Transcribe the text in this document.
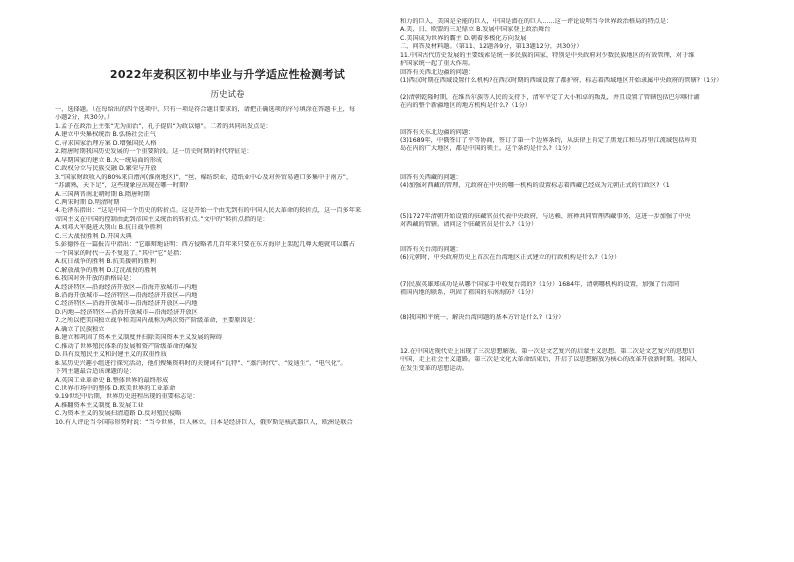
2022年麦积区初中毕业与升学适应性检测考试
历史试卷
一、选择题。（在每给出的四个选项中，只有一项是符合题目要求的，请把正确选项的序号填涂在答题卡上，每
小题2分，共30分。）
1.孟子在政治上主张“无为而治”，孔子提倡“为政以德”。二者的共同出发点是：
A.建立中央集权统治 B.弘扬社会正气
C.寻求国家治理方案 D.增强国民人格
2.隋唐时期我国历史发展的一个重要阶段。这一历史时期的时代特征是：
A.早期国家的建立 B.大一统局面的形成
C.政权分立与民族交融 D.繁荣与开放
3.“国家财政收入的80%来自漕河(淮南地区)”，“丝、棉纺织业、造纸业中心及对外贸易港口多集中于南方”，
“苏湖熟，天下足”，这些现象应出现在哪一时期?
A.三国两晋南北朝时期 B.隋唐时期
C.两宋时期 D.明清时期
4.毛泽东指出：“这是中国一个历史的转折点。这是开始一个由无到有的中国人民大革命的转折点，这一百多年来
帝国主义在中国的控制由此到帝国主义统治的转折点。”文中的“转折点指的是：
A.刘邓大军挺进大别山 B.抗日战争胜利
C.三大战役胜利 D.开国大典
5.彭德怀在一篇报告中指出：“它雄辩地证明：西方侵略者几百年来只要在东方海岸上架起几尊大炮就可以霸占
一个国家的时代一去不复返了。”其中“它”是指：
A.抗日战争的胜利 B.抗美援朝的胜利
C.解放战争的胜利 D.辽沈战役的胜利
6.我国对外开放的新格局是：
A.经济特区—沿海经济开放区—沿海开放城市—内地
B.沿海开放城市—经济特区—沿海经济开放区—内地
C.经济特区—沿海开放城市—沿海经济开放区—内地
D.内地—经济特区—沿海开放城市—沿海经济开放区
7.之所以把美国独立战争和美国内战称为两次资产阶级革命，主要原因是：
A.确立了民族独立
B.建立和巩固了资本主义制度并扫除美国资本主义发展的障碍
C.推动了世界殖民体系的发展和资产阶级革命的爆发
D.具有反殖民主义和封建主义的双重性质
8.某历史兴趣小组进行探究活动，他们搜集资料时的关键词有“瓦特”、“蒸汽时代”、“爱迪生”、“电气化”。
下列主题最合适该课题的是：
A.英国工业革命史 B.整体世界的最终形成
C.世界市场中的整体 D.欧美世界的工业革命
9.19世纪中后期，世界历史进程出现的重要标志是：
A.推翻资本主义制度 B.发展工业
C.为资本主义的发展扫清道路 D.反对殖民侵略
10.有人评论当今国际形势时说：“当今世界，巨人林立。日本是经济巨人，俄罗斯是核武器巨人，欧洲是联合
和力的巨人，美国是全能的巨人，中国是潜在的巨人……这一评论说明当今世界政治格局的特点是：
A.美、日、欧盟的三足鼎立 B.发展中国家登上政治舞台
C.美国成为世界的霸主 D.朝着多极化方向发展
二、问答及材料题。（第11、12题各9分，第13题12分，共30分）
11.中国古代历史发展的主要线索是统一多民族的国家，特别是中央政府对少数民族地区的有效管理，对于维
护国家统一起了重大作用。
回答有关西北边疆的问题：
(1)西汉时期在西域设置什么机构?在西汉时期的西域设置了都护府，标志着西域地区开始隶属中央政府的管辖?（1分）
(2)清朝乾隆时期，在维吾尔族等人民的支持下，清军平定了大小和卓的叛乱，并且设置了管辖包括巴尔喀什湖
在内的整个新疆地区的地方机构是什么?（1分）
回答有关东北边疆的问题：
(3)1689年，中俄签订了平等协商，签订了第一个边界条约，从法律上肯定了黑龙江和乌苏里江流域包括库页
岛在内的广大地区，都是中国的领土。这个条约是什么?（1分）
回答有关西藏的问题：
(4)加强对西藏的管理，元政府在中央的哪一机构的设置标志着西藏已经成为元朝正式的行政区?（1
(5)1727年清朝开始设置的驻藏官员代表中央政府，与达赖、班禅共同管理西藏事务，这进一步加强了中央
对西藏的管辖。请问这个驻藏官员是什么?（1分）
回答有关台湾的问题：
(6)元朝时，中央政府历史上首次在台湾地区正式建立的行政机构是什么?（1分）
(7)民族英雄郑成功是从哪个国家手中收复台湾的?（1分）1684年，清朝哪机构的设置，加强了台湾同
祖国内地的联系，巩固了祖国的东南海防?（1分）
(8)我国和平统一、解决台湾问题的基本方针是什么?（1分）
12.在中国近现代史上出现了三次思想解放。第一次是文艺复兴的启蒙主义思想。第二次是文艺复兴的思想启
中国，走上社会主义道路。第三次是文化大革命结束后，开启了以思想解放为核心的改革开放新时期。我国人
在发生变革的思想运动。
